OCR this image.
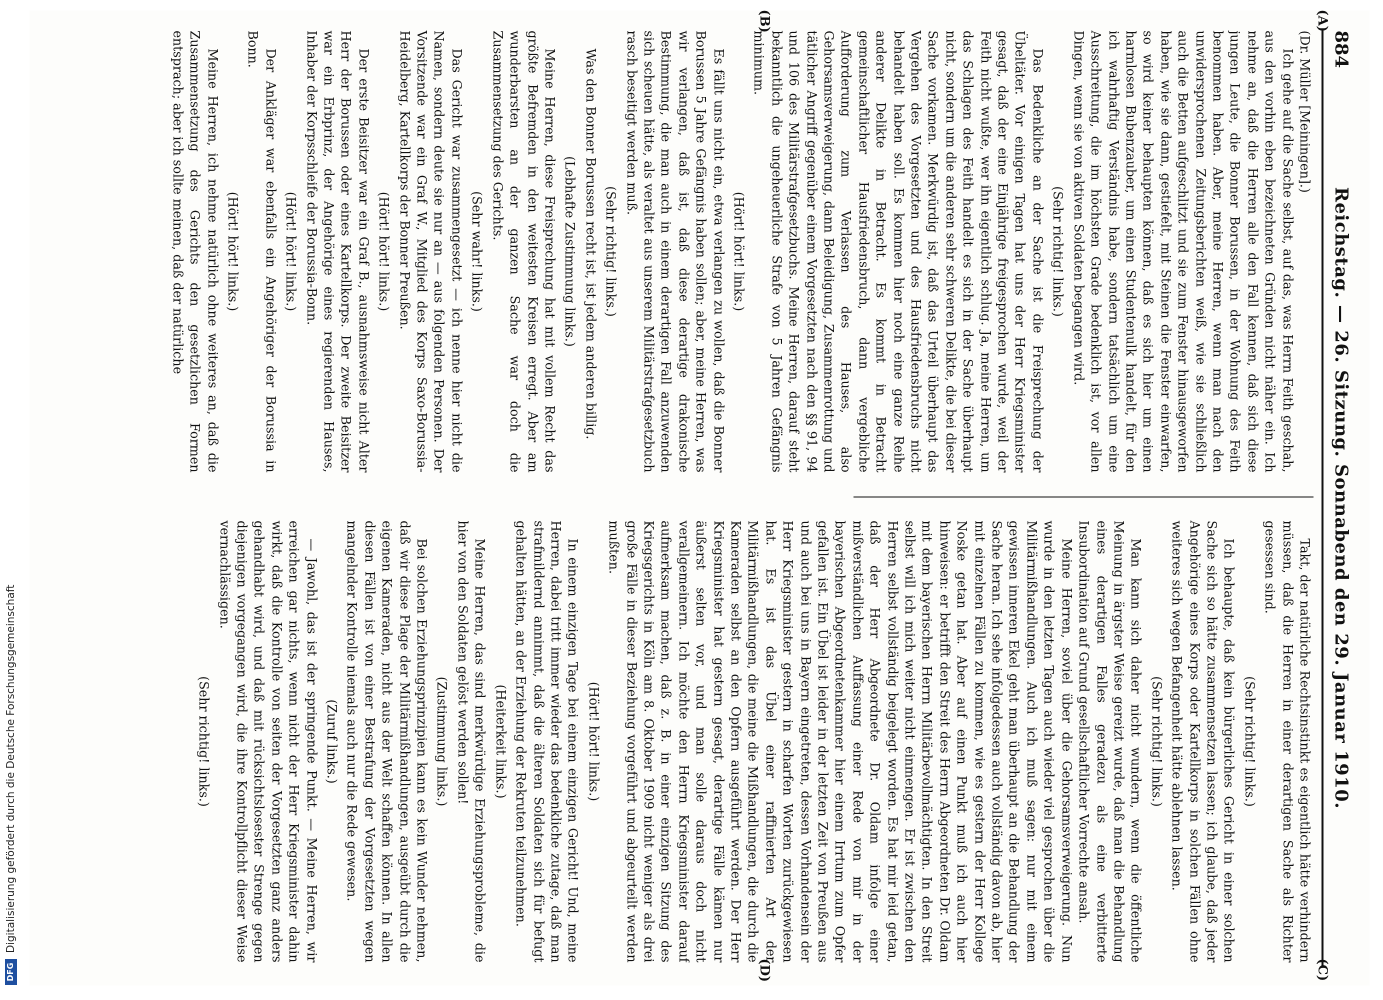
884
Reichstag. — 26. Sitzung. Sonnabend den 29. Januar 1910.
(A)
(B)
(C)
(D)

(Dr. Müller [Meiningen].)

Ich gehe auf die Sache selbst, auf das, was Herrn Feith geschah, aus den vorhin eben bezeichneten Gründen nicht näher ein. Ich nehme an, daß die Herren alle den Fall kennen, daß sich diese jungen Leute, die Bonner Borussen, in der Wohnung des Feith benommen haben. Aber, meine Herren, wenn man nach den unwidersprochenen Zeitungsberichten weiß, wie sie schließlich auch die Betten aufgeschlitzt und sie zum Fenster hinausgeworfen haben, wie sie dann, gestiefelt, mit Steinen die Fenster einwarfen, so wird keiner behaupten können, daß es sich hier um einen harmlosen Bubenzauber, um einen Studentenulk handelt, für den ich wahrhaftig Verständnis habe, sondern tatsächlich um eine Ausschreitung, die im höchsten Grade bedenklich ist, vor allen Dingen, wenn sie von aktiven Soldaten begangen wird.

(Sehr richtig! links.)

Das Bedenkliche an der Sache ist die Freisprechung der Übeltäter. Vor einigen Tagen hat uns der Herr Kriegsminister gesagt, daß der eine Einjährige freigesprochen wurde, weil der Feith nicht wußte, wer ihn eigentlich schlug. Ja, meine Herren, um das Schlagen des Feith handelt es sich in der Sache überhaupt nicht, sondern um die anderen sehr schweren Delikte, die bei dieser Sache vorkamen. Merkwürdig ist, daß das Urteil überhaupt das Vergehen des Vorgesetzten und des Hausfriedensbruchs nicht behandelt haben soll. Es kommen hier noch eine ganze Reihe anderer Delikte in Betracht. Es kommt in Betracht gemeinschaftlicher Hausfriedensbruch, dann vergebliche Aufforderung zum Verlassen des Hauses, also Gehorsamsverweigerung, dann Beleidigung, Zusammenrottung und tätlicher Angriff gegenüber einem Vorgesetzten nach den §§ 91, 94 und 106 des Militärstrafgesetzbuchs. Meine Herren, darauf steht bekanntlich die ungeheuerliche Strafe von 5 Jahren Gefängnis minimum.

(Hört! hört! links.)

Es fällt uns nicht ein, etwa verlangen zu wollen, daß die Bonner Borussen 5 Jahre Gefängnis haben sollen; aber, meine Herren, was wir verlangen, daß ist, daß diese derartige drakonische Bestimmung, die man auch in einem derartigen Fall anzuwenden sich scheuen hätte, als veraltet aus unserem Militärstrafgesetzbuch rasch beseitigt werden muß.

(Sehr richtig! links.)

Was den Bonner Borussen recht ist, ist jedem anderen billig.

(Lebhafte Zustimmung links.)

Meine Herren, diese Freisprechung hat mit vollem Recht das größte Befremden in den weitesten Kreisen erregt. Aber am wunderbarsten an der ganzen Sache war doch die Zusammensetzung des Gerichts.

(Sehr wahr! links.)

Das Gericht war zusammengesetzt — ich nenne hier nicht die Namen, sondern deute sie nur an — aus folgenden Personen. Der Vorsitzende war ein Graf W., Mitglied des Korps Saxo-Borussia-Heidelberg, Kartellkorps der Bonner Preußen.

(Hört! hört! links.)

Der erste Beisitzer war ein Graf B., ausnahmsweise nicht Alter Herr der Borussen oder eines Kartellkorps. Der zweite Beisitzer war ein Erbprinz, der Angehörige eines regierenden Hauses, Inhaber der Korpsschleife der Borussia-Bonn.

(Hört! hört! links.)

Der Ankläger war ebenfalls ein Angehöriger der Borussia in Bonn.

(Hört! hört! links.)

Meine Herren, ich nehme natürlich ohne weiteres an, daß die Zusammensetzung des Gerichts den gesetzlichen Formen entsprach; aber ich sollte meinen, daß der natürliche

Takt, der natürliche Rechtsinstinkt es eigentlich hätte verhindern müssen, daß die Herren in einer derartigen Sache als Richter gesessen sind.

(Sehr richtig! links.)

Ich behaupte, daß kein bürgerliches Gericht in einer solchen Sache sich so hätte zusammensetzen lassen; ich glaube, daß jeder Angehörige eines Korps oder Kartellkorps in solchen Fällen ohne weiteres sich wegen Befangenheit hätte ablehnen lassen.

(Sehr richtig! links.)

Man kann sich daher nicht wundern, wenn die öffentliche Meinung in ärgster Weise gereizt wurde, daß man die Behandlung eines derartigen Falles geradezu als eine verbitterte Insubordination auf Grund gesellschaftlicher Vorrechte ansah.

Meine Herren, soviel über die Gehorsamsverweigerung. Nun wurde in den letzten Tagen auch wieder viel gesprochen über die Militärmißhandlungen. Auch ich muß sagen: nur mit einem gewissen inneren Ekel geht man überhaupt an die Behandlung der Sache heran. Ich sehe infolgedessen auch vollständig davon ab, hier mit einzelnen Fällen zu kommen, wie es gestern der Herr Kollege Noske getan hat. Aber auf einen Punkt muß ich auch hier hinweisen: er betrifft den Streit des Herrn Abgeordneten Dr. Oldam mit dem bayerischen Herrn Militärbevollmächtigten. In den Streit selbst will ich mich weiter nicht einmengen. Er ist zwischen den Herren selbst vollständig beigelegt worden. Es hat mir leid getan, daß der Herr Abgeordnete Dr. Oldam infolge einer mißverständlichen Auffassung einer Rede von mir in der bayerischen Abgeordnetenkammer hier einem Irrtum zum Opfer gefallen ist. Ein Übel ist leider in der letzten Zeit von Preußen aus und auch bei uns in Bayern eingetreten, dessen Vorhandensein der Herr Kriegsminister gestern in scharfen Worten zurückgewiesen hat. Es ist das Übel einer raffinierten Art der Militärmißhandlungen, die meine die Mißhandlungen, die durch die Kameraden selbst an den Opfern ausgeführt werden. Der Herr Kriegsminister hat gestern gesagt, derartige Fälle kämen nur äußerst selten vor, und man solle daraus doch nicht verallgemeinern. Ich möchte den Herrn Kriegsminister darauf aufmerksam machen, daß z. B. in einer einzigen Sitzung des Kriegsgerichts in Köln am 8. Oktober 1909 nicht weniger als drei große Fälle in dieser Beziehung vorgeführt und abgeurteilt werden mußten.

(Hört! hört! links.)

In einem einzigen Tage bei einem einzigen Gericht! Und, meine Herren, dabei tritt immer wieder das bedenkliche zutage, daß man strafmildernd annimmt, daß die älteren Soldaten sich für befugt gehalten hätten, an der Erziehung der Rekruten teilzunehmen.

(Heiterkeit links.)

Meine Herren, das sind merkwürdige Erziehungsprobleme, die hier von den Soldaten gelöst werden sollen!

(Zustimmung links.)

Bei solchen Erziehungsprinzipien kann es kein Wunder nehmen, daß wir diese Plage der Militärmißhandlungen, ausgeübt durch die eigenen Kameraden, nicht aus der Welt schaffen können. In allen diesen Fällen ist von einer Bestrafung der Vorgesetzten wegen mangelnder Kontrolle niemals auch nur die Rede gewesen.

(Zuruf links.)

— Jawohl, das ist der springende Punkt. — Meine Herren, wir erreichen gar nichts, wenn nicht der Herr Kriegsminister dahin wirkt, daß die Kontrolle von seiten der Vorgesetzten ganz anders gehandhabt wird, und daß mit rücksichtslosester Strenge gegen diejenigen vorgegangen wird, die ihre Kontrollpflicht dieser Weise vernachlässigen.

(Sehr richtig! links.)

DFGDigitalisierung gefördert durch die Deutsche Forschungsgemeinschaft
